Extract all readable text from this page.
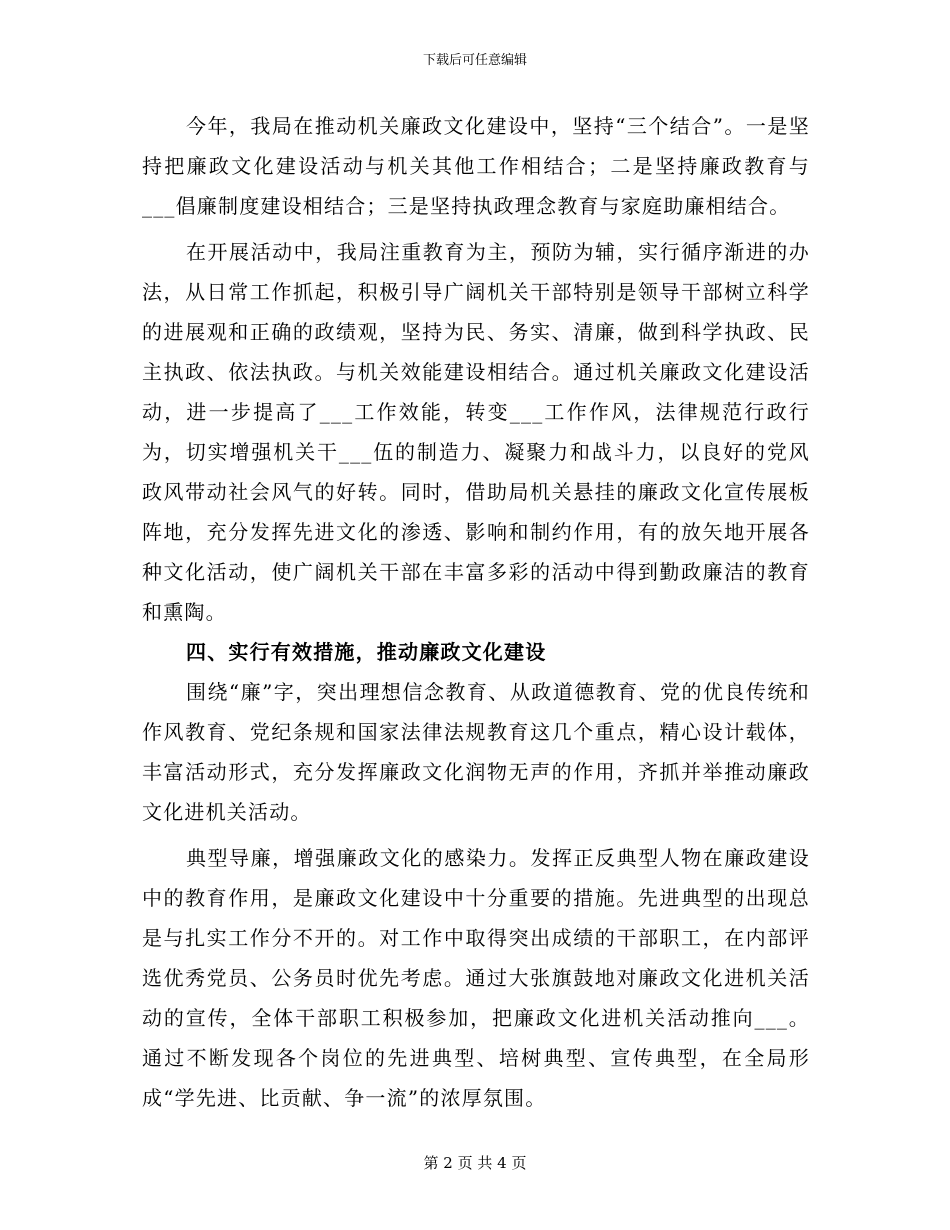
下载后可任意编辑

今年，我局在推动机关廉政文化建设中，坚持“三个结合”。一是坚持把廉政文化建设活动与机关其他工作相结合；二是坚持廉政教育与___倡廉制度建设相结合；三是坚持执政理念教育与家庭助廉相结合。

在开展活动中，我局注重教育为主，预防为辅，实行循序渐进的办法，从日常工作抓起，积极引导广阔机关干部特别是领导干部树立科学的进展观和正确的政绩观，坚持为民、务实、清廉，做到科学执政、民主执政、依法执政。与机关效能建设相结合。通过机关廉政文化建设活动，进一步提高了___工作效能，转变___工作作风，法律规范行政行为，切实增强机关干___伍的制造力、凝聚力和战斗力，以良好的党风政风带动社会风气的好转。同时，借助局机关悬挂的廉政文化宣传展板阵地，充分发挥先进文化的渗透、影响和制约作用，有的放矢地开展各种文化活动，使广阔机关干部在丰富多彩的活动中得到勤政廉洁的教育和熏陶。

四、实行有效措施，推动廉政文化建设

围绕“廉”字，突出理想信念教育、从政道德教育、党的优良传统和作风教育、党纪条规和国家法律法规教育这几个重点，精心设计载体，丰富活动形式，充分发挥廉政文化润物无声的作用，齐抓并举推动廉政文化进机关活动。

典型导廉，增强廉政文化的感染力。发挥正反典型人物在廉政建设中的教育作用，是廉政文化建设中十分重要的措施。先进典型的出现总是与扎实工作分不开的。对工作中取得突出成绩的干部职工，在内部评选优秀党员、公务员时优先考虑。通过大张旗鼓地对廉政文化进机关活动的宣传，全体干部职工积极参加，把廉政文化进机关活动推向___。通过不断发现各个岗位的先进典型、培树典型、宣传典型，在全局形成“学先进、比贡献、争一流”的浓厚氛围。

第 2 页 共 4 页
